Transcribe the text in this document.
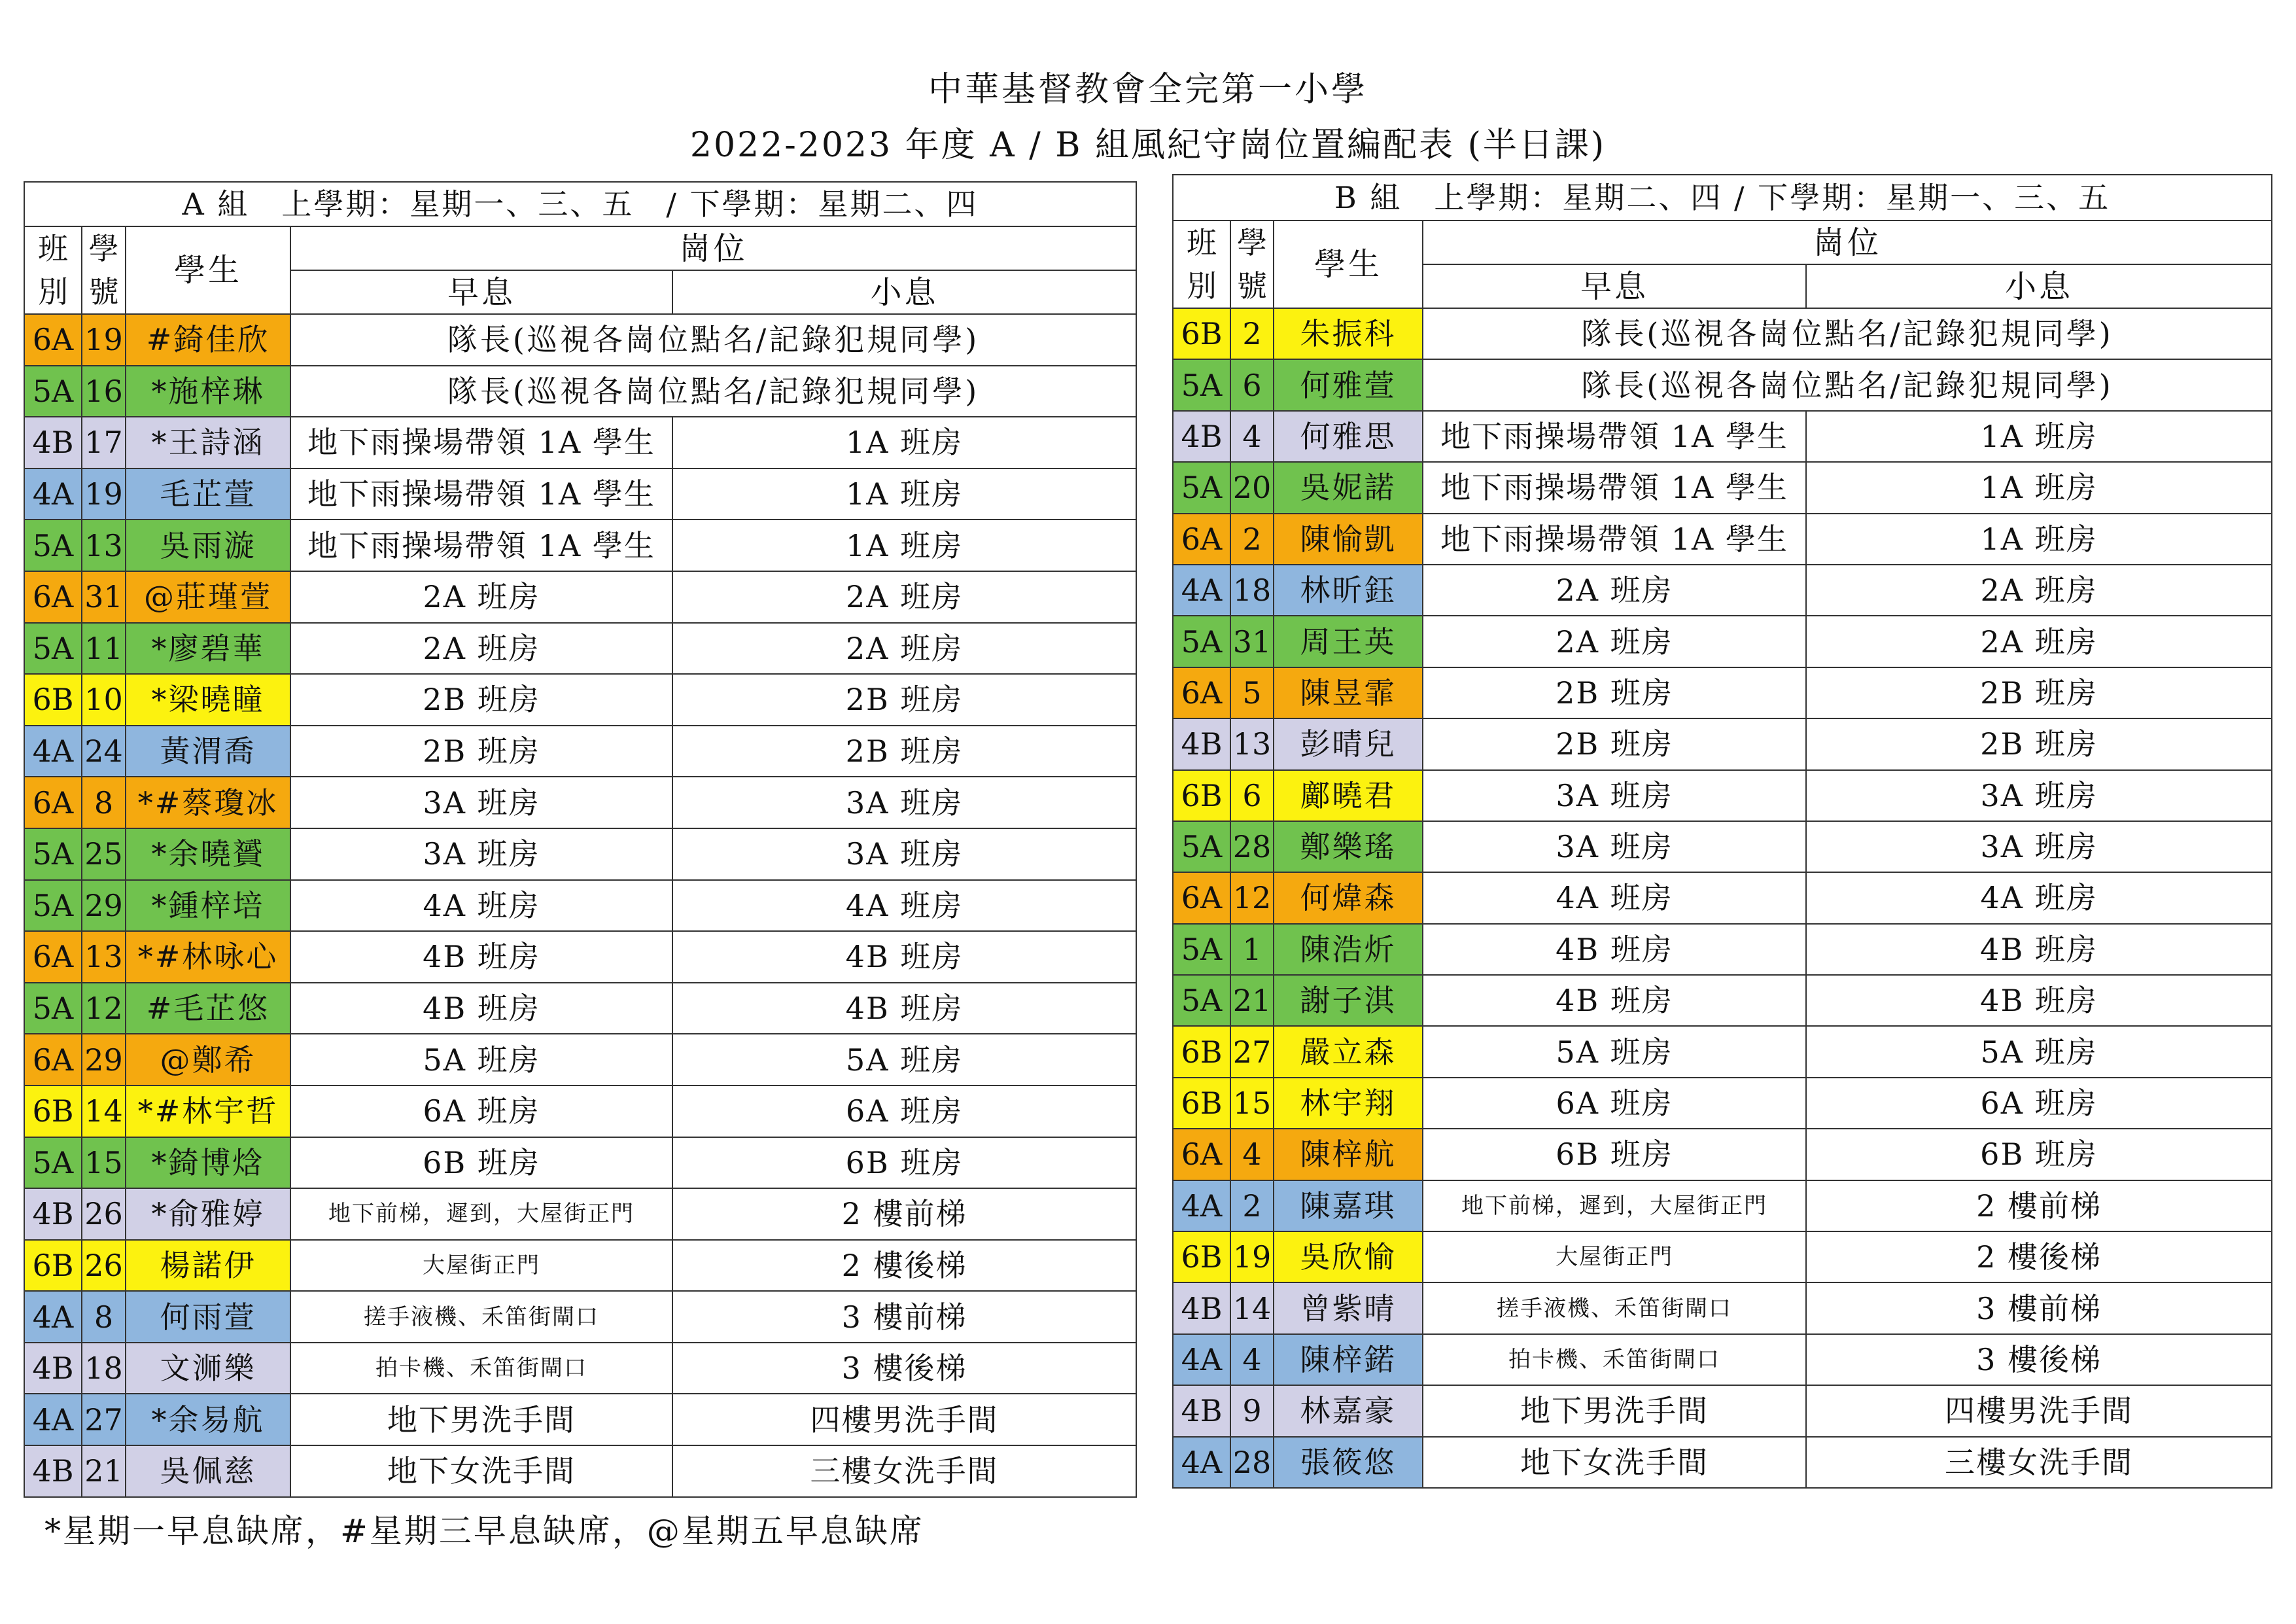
中華基督教會全完第一小學
2022-2023 年度 A / B 組風紀守崗位置編配表 (半日課)
A 組　上學期：星期一、三、五　/ 下學期：星期二、四				
班 別	學 號	學生	崗位	
			早息	小息
6A	19	#錡佳欣	隊長(巡視各崗位點名/記錄犯規同學)	
5A	16	*施梓琳	隊長(巡視各崗位點名/記錄犯規同學)	
4B	17	*王詩涵	地下雨操場帶領 1A 學生	1A 班房
4A	19	毛芷萱	地下雨操場帶領 1A 學生	1A 班房
5A	13	吳雨漩	地下雨操場帶領 1A 學生	1A 班房
6A	31	@莊瑾萱	2A 班房	2A 班房
5A	11	*廖碧華	2A 班房	2A 班房
6B	10	*梁曉瞳	2B 班房	2B 班房
4A	24	黃渭喬	2B 班房	2B 班房
6A	8	*#蔡瓊冰	3A 班房	3A 班房
5A	25	*余曉贇	3A 班房	3A 班房
5A	29	*鍾梓培	4A 班房	4A 班房
6A	13	*#林咏心	4B 班房	4B 班房
5A	12	#毛芷悠	4B 班房	4B 班房
6A	29	@鄭希	5A 班房	5A 班房
6B	14	*#林宇哲	6A 班房	6A 班房
5A	15	*錡博焓	6B 班房	6B 班房
4B	26	*俞雅婷	地下前梯，遲到，大屋街正門	2 樓前梯
6B	26	楊諾伊	大屋街正門	2 樓後梯
4A	8	何雨萱	搓手液機、禾笛街閘口	3 樓前梯
4B	18	文浉樂	拍卡機、禾笛街閘口	3 樓後梯
4A	27	*余易航	地下男洗手間	四樓男洗手間
4B	21	吳佩慈	地下女洗手間	三樓女洗手間
B 組　上學期：星期二、四 / 下學期：星期一、三、五				
班 別	學 號	學生	崗位	
			早息	小息
6B	2	朱振科	隊長(巡視各崗位點名/記錄犯規同學)	
5A	6	何雅萱	隊長(巡視各崗位點名/記錄犯規同學)	
4B	4	何雅思	地下雨操場帶領 1A 學生	1A 班房
5A	20	吳妮諾	地下雨操場帶領 1A 學生	1A 班房
6A	2	陳愉凱	地下雨操場帶領 1A 學生	1A 班房
4A	18	林昕鈺	2A 班房	2A 班房
5A	31	周王英	2A 班房	2A 班房
6A	5	陳昱霏	2B 班房	2B 班房
4B	13	彭晴兒	2B 班房	2B 班房
6B	6	鄺曉君	3A 班房	3A 班房
5A	28	鄭樂瑤	3A 班房	3A 班房
6A	12	何煒森	4A 班房	4A 班房
5A	1	陳浩炘	4B 班房	4B 班房
5A	21	謝子淇	4B 班房	4B 班房
6B	27	嚴立森	5A 班房	5A 班房
6B	15	林宇翔	6A 班房	6A 班房
6A	4	陳梓航	6B 班房	6B 班房
4A	2	陳嘉琪	地下前梯，遲到，大屋街正門	2 樓前梯
6B	19	吳欣愉	大屋街正門	2 樓後梯
4B	14	曾紫晴	搓手液機、禾笛街閘口	3 樓前梯
4A	4	陳梓鍩	拍卡機、禾笛街閘口	3 樓後梯
4B	9	林嘉豪	地下男洗手間	四樓男洗手間
4A	28	張筱悠	地下女洗手間	三樓女洗手間
*星期一早息缺席，#星期三早息缺席，@星期五早息缺席
